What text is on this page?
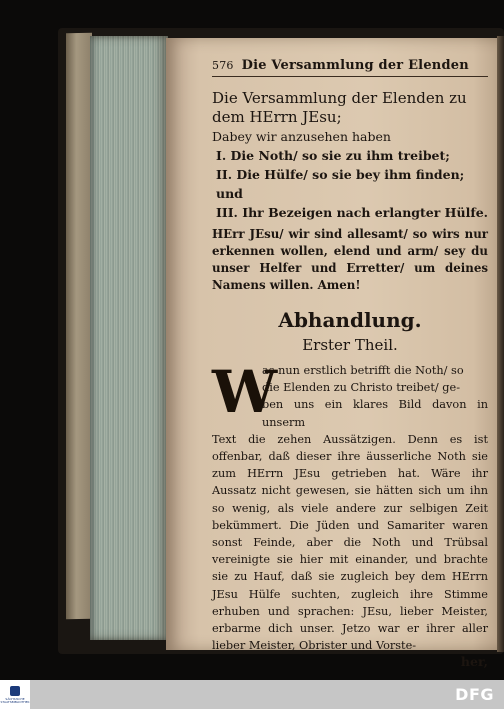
576 Die Versammlung der Elenden
Die Versammlung der Elenden zu dem HErrn JEsu;
Dabey wir anzusehen haben
I. Die Noth/ so sie zu ihm treibet;
II. Die Hülfe/ so sie bey ihm finden; und
III. Ihr Bezeigen nach erlangter Hülfe.
HErr JEsu/ wir sind allesamt/ so wirs nur erkennen wollen, elend und arm/ sey du unser Helfer und Erretter/ um deines Namens willen. Amen!
Abhandlung.
Erster Theil.
W
as nun erstlich betrifft die Noth/ so
die Elenden zu Christo treibet/ ge-
ben uns ein klares Bild davon in unserm
Text die zehen Aussätzigen. Denn es ist offenbar, daß dieser ihre äusserliche Noth sie zum HErrn JEsu getrieben hat. Wäre ihr Aussatz nicht gewesen, sie hätten sich um ihn so wenig, als viele andere zur selbigen Zeit bekümmert. Die Jüden und Samariter waren sonst Feinde, aber die Noth und Trübsal vereinigte sie hier mit einander, und brachte sie zu Hauf, daß sie zugleich bey dem HErrn JEsu Hülfe suchten, zugleich ihre Stimme erhuben und sprachen: JEsu, lieber Meister, erbarme dich unser. Jetzo war er ihrer aller lieber Meister, Obrister und Vorste-
her,
SÄCHSISCHE STAATSBIBLIOTHEK	DFG
